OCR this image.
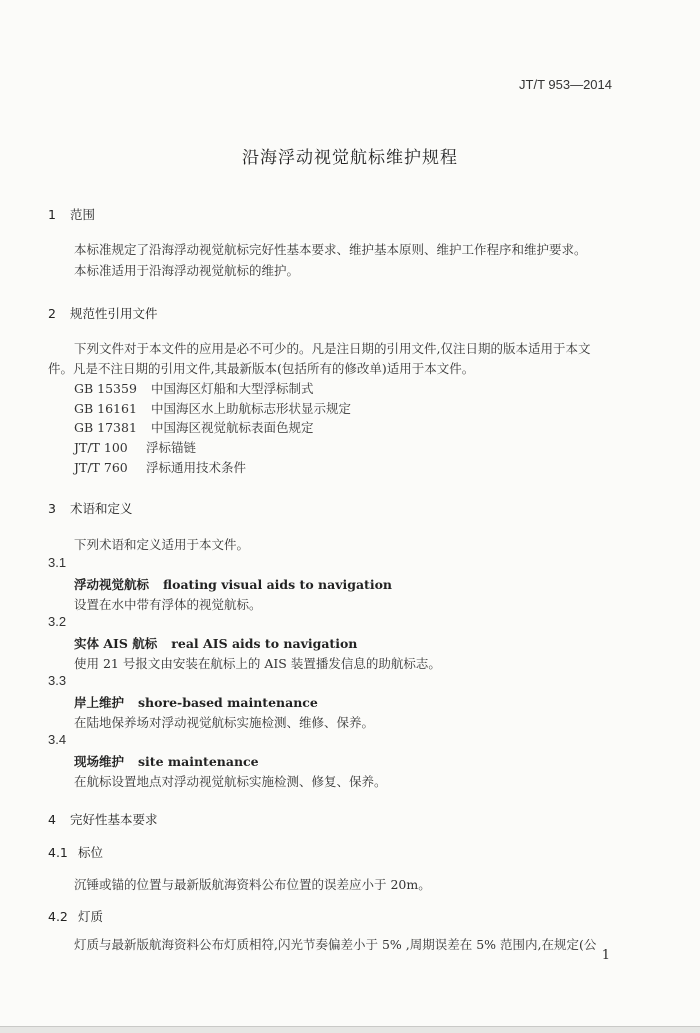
JT/T 953—2014
沿海浮动视觉航标维护规程
1 范围
本标准规定了沿海浮动视觉航标完好性基本要求、维护基本原则、维护工作程序和维护要求。
本标准适用于沿海浮动视觉航标的维护。
2 规范性引用文件
下列文件对于本文件的应用是必不可少的。凡是注日期的引用文件,仅注日期的版本适用于本文
件。凡是不注日期的引用文件,其最新版本(包括所有的修改单)适用于本文件。
GB 15359 中国海区灯船和大型浮标制式
GB 16161 中国海区水上助航标志形状显示规定
GB 17381 中国海区视觉航标表面色规定
JT/T 100 浮标锚链
JT/T 760 浮标通用技术条件
3 术语和定义
下列术语和定义适用于本文件。
3.1
浮动视觉航标 floating visual aids to navigation
设置在水中带有浮体的视觉航标。
3.2
实体 AIS 航标 real AIS aids to navigation
使用 21 号报文由安装在航标上的 AIS 装置播发信息的助航标志。
3.3
岸上维护 shore-based maintenance
在陆地保养场对浮动视觉航标实施检测、维修、保养。
3.4
现场维护 site maintenance
在航标设置地点对浮动视觉航标实施检测、修复、保养。
4 完好性基本要求
4.1 标位
沉锤或锚的位置与最新版航海资料公布位置的误差应小于 20m。
4.2 灯质
灯质与最新版航海资料公布灯质相符,闪光节奏偏差小于 5% ,周期误差在 5% 范围内,在规定(公
1
